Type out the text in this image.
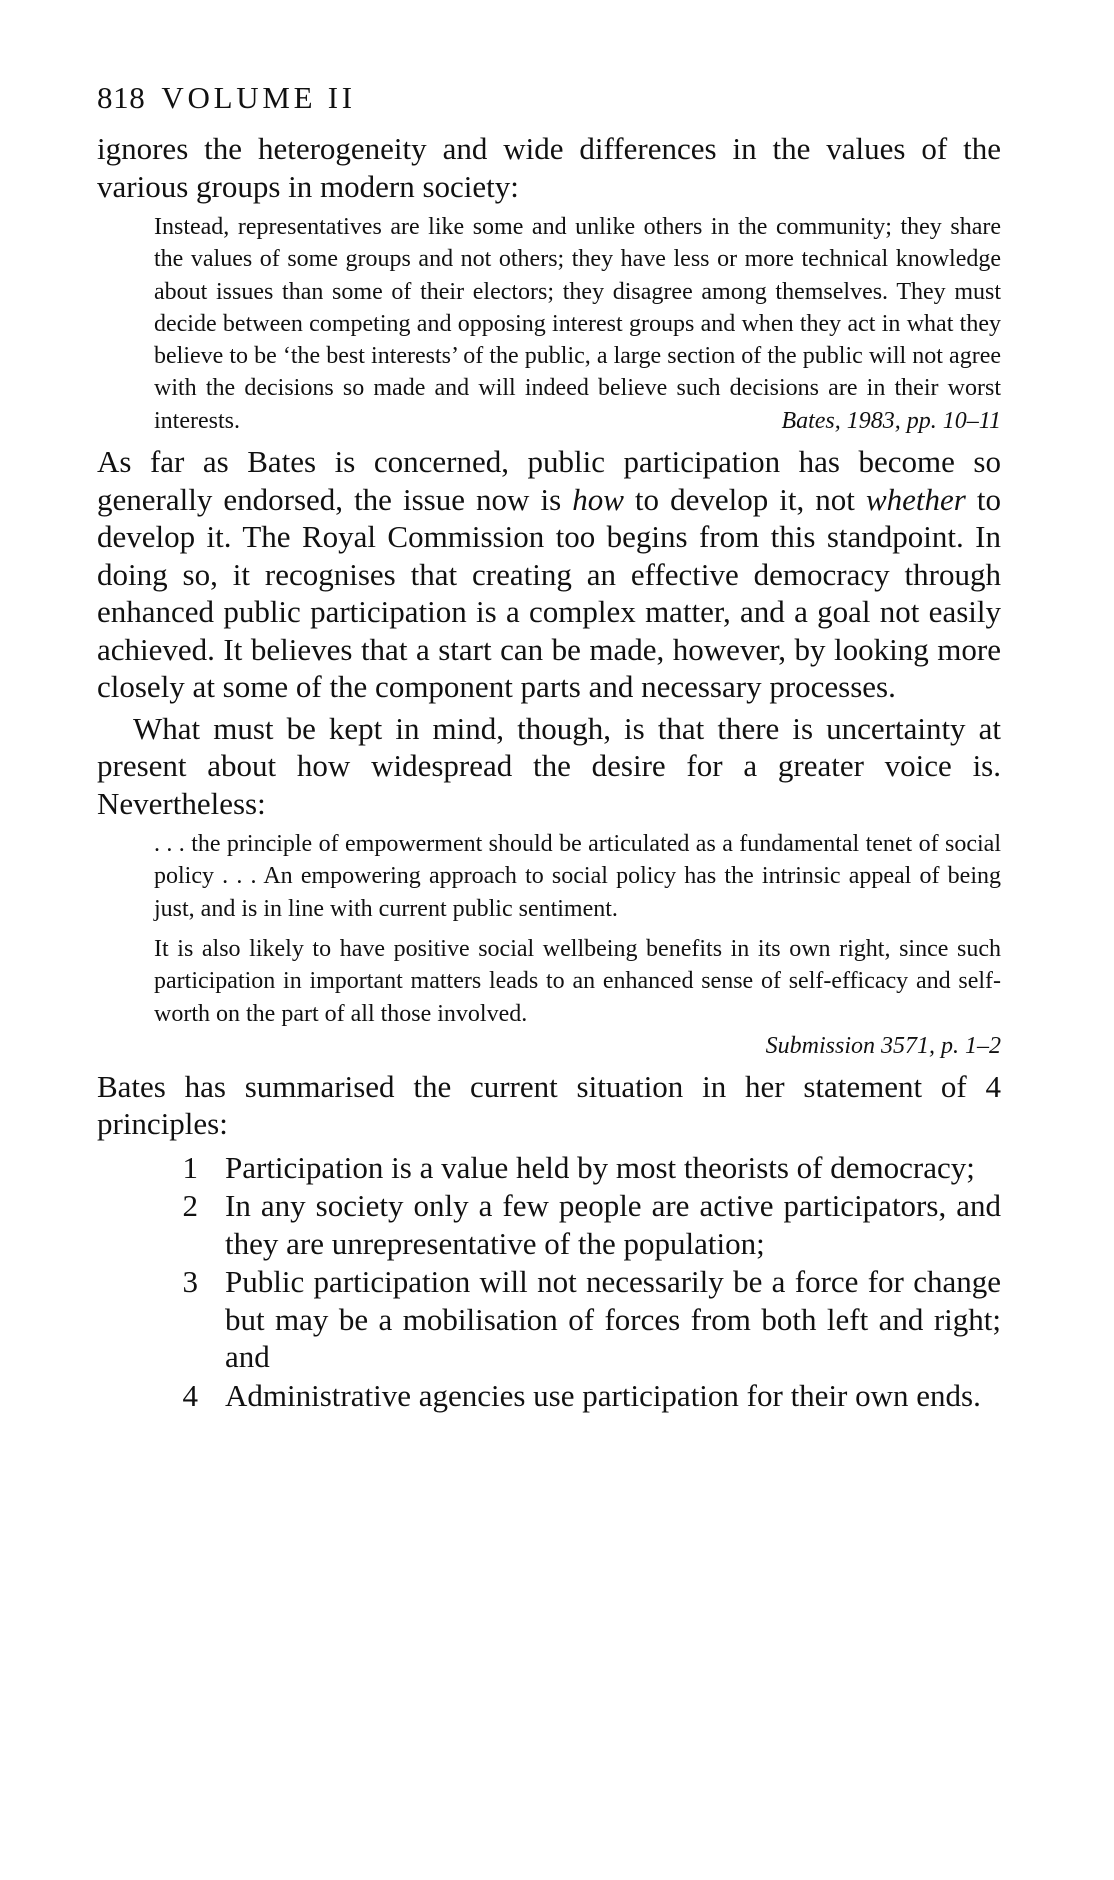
818 VOLUME II

ignores the heterogeneity and wide differences in the values of the various groups in modern society:

Instead, representatives are like some and unlike others in the community; they share the values of some groups and not others; they have less or more technical knowledge about issues than some of their electors; they disagree among themselves. They must decide between competing and opposing interest groups and when they act in what they believe to be ‘the best interests’ of the public, a large section of the public will not agree with the decisions so made and will indeed believe such decisions are in their worst interests.	Bates, 1983, pp. 10–11

As far as Bates is concerned, public participation has become so generally endorsed, the issue now is how to develop it, not whether to develop it. The Royal Commission too begins from this standpoint. In doing so, it recognises that creating an effective democracy through enhanced public participation is a complex matter, and a goal not easily achieved. It believes that a start can be made, however, by looking more closely at some of the component parts and necessary processes.

What must be kept in mind, though, is that there is uncertainty at present about how widespread the desire for a greater voice is. Nevertheless:

. . . the principle of empowerment should be articulated as a fundamental tenet of social policy . . . An empowering approach to social policy has the intrinsic appeal of being just, and is in line with current public sentiment.

It is also likely to have positive social wellbeing benefits in its own right, since such participation in important matters leads to an enhanced sense of self-efficacy and self-worth on the part of all those involved.

Submission 3571, p. 1–2

Bates has summarised the current situation in her statement of 4 principles:

1 Participation is a value held by most theorists of democracy;
2 In any society only a few people are active participators, and they are unrepresentative of the population;
3 Public participation will not necessarily be a force for change but may be a mobilisation of forces from both left and right; and
4 Administrative agencies use participation for their own ends.
